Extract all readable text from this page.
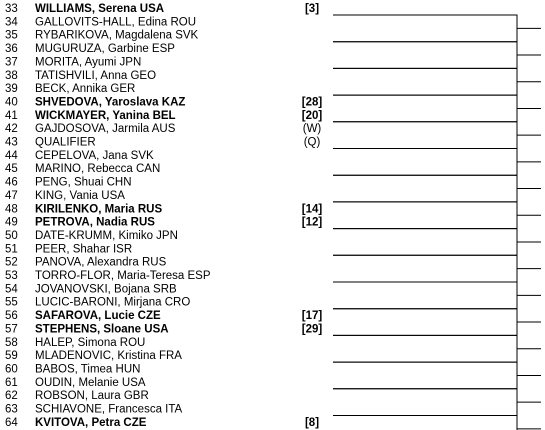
33 WILLIAMS, Serena USA	[3]
34 GALLOVITS-HALL, Edina ROU
35 RYBARIKOVA, Magdalena SVK
36 MUGURUZA, Garbine ESP
37 MORITA, Ayumi JPN
38 TATISHVILI, Anna GEO
39 BECK, Annika GER
40 SHVEDOVA, Yaroslava KAZ	[28]
41 WICKMAYER, Yanina BEL	[20]
42 GAJDOSOVA, Jarmila AUS	(W)
43 QUALIFIER	(Q)
44 CEPELOVA, Jana SVK
45 MARINO, Rebecca CAN
46 PENG, Shuai CHN
47 KING, Vania USA
48 KIRILENKO, Maria RUS	[14]
49 PETROVA, Nadia RUS	[12]
50 DATE-KRUMM, Kimiko JPN
51 PEER, Shahar ISR
52 PANOVA, Alexandra RUS
53 TORRO-FLOR, Maria-Teresa ESP
54 JOVANOVSKI, Bojana SRB
55 LUCIC-BARONI, Mirjana CRO
56 SAFAROVA, Lucie CZE	[17]
57 STEPHENS, Sloane USA	[29]
58 HALEP, Simona ROU
59 MLADENOVIC, Kristina FRA
60 BABOS, Timea HUN
61 OUDIN, Melanie USA
62 ROBSON, Laura GBR
63 SCHIAVONE, Francesca ITA
64 KVITOVA, Petra CZE	[8]
